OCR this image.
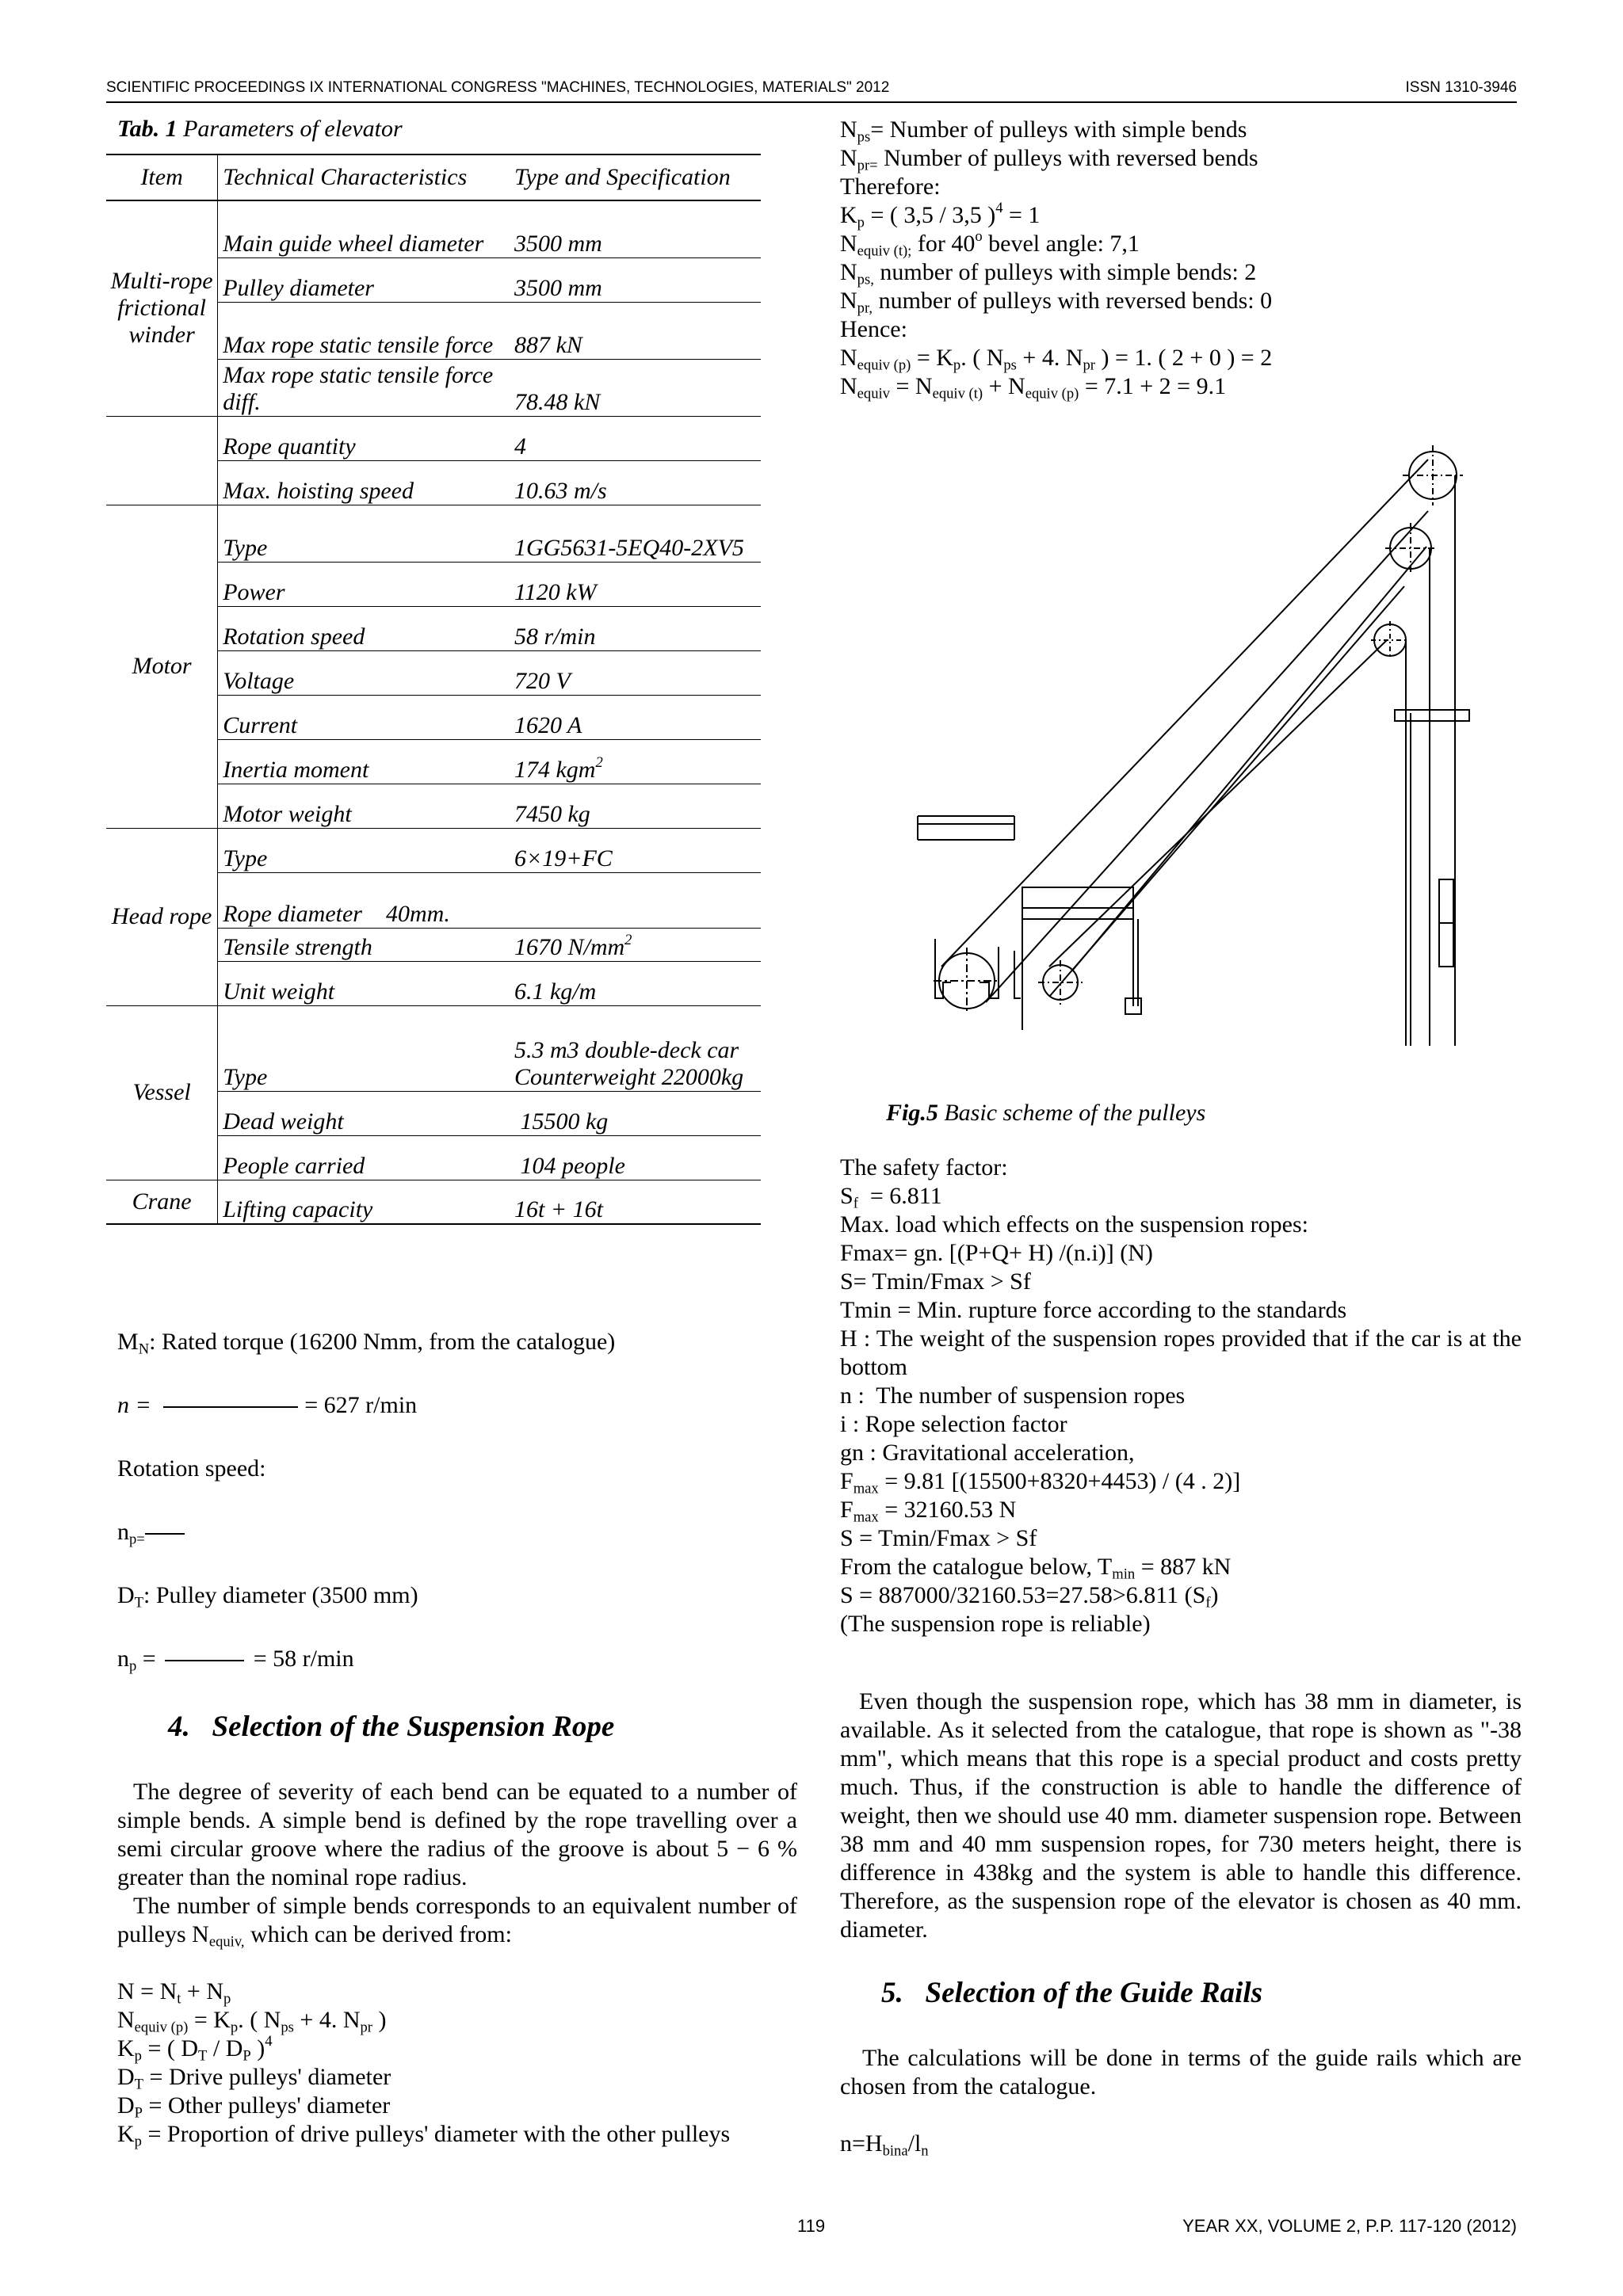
SCIENTIFIC PROCEEDINGS IX INTERNATIONAL CONGRESS "MACHINES, TECHNOLOGIES, MATERIALS" 2012	ISSN 1310-3946
Tab. 1 Parameters of elevator
Item	Technical Characteristics	Type and Specification
Multi-rope frictional winder	Main guide wheel diameter	3500 mm
	Pulley diameter	3500 mm
	Max rope static tensile force	887 kN
	Max rope static tensile force diff.	78.48 kN
	Rope quantity	4
	Max. hoisting speed	10.63 m/s
Motor	Type	1GG5631-5EQ40-2XV5
	Power	1120 kW
	Rotation speed	58 r/min
	Voltage	720 V
	Current	1620 A
	Inertia moment	174 kgm$^2$
	Motor weight	7450 kg
Head rope	Type	6×19+FC
	Rope diameter    40mm.	
	Tensile strength	1670 $N/mm^2$
	Unit weight	6.1 kg/m
Vessel	Type	5.3 m3 double-deck car Counterweight 22000kg
	Dead weight	15500 kg
	People carried	104 people
Crane	Lifting capacity	16t + 16t
$M_N$: Rated torque (16200 Nmm, from the catalogue)
n =	= 627 r/min
Rotation speed:
$n_{p=}$
$D_T$: Pulley diameter (3500 mm)
$n_p$ =	= 58 r/min
4. Selection of the Suspension Rope
The degree of severity of each bend can be equated to a number of simple bends. A simple bend is defined by the rope travelling over a semi circular groove where the radius of the groove is about 5 − 6 % greater than the nominal rope radius.
The number of simple bends corresponds to an equivalent number of pulleys $N_{equiv,}$ which can be derived from:
$N = N_t + N_p$
$N_{equiv (p)} = K_p$. ( $N_{ps} + 4$. $N_{pr}$ )
$K_p$ = ( $D_T / D_P$ )$^4$
$D_T$ = Drive pulleys' diameter
$D_P$ = Other pulleys' diameter
$K_p$ = Proportion of drive pulleys' diameter with the other pulleys
$N_{ps}=$ Number of pulleys with simple bends
$N_{pr=}$ Number of pulleys with reversed bends
Therefore:
$K_p$ = ( 3,5 / 3,5 )$^4$ = 1
$N_{equiv (t);}$ for 40$^o$ bevel angle: 7,1
$N_{ps,}$ number of pulleys with simple bends: 2
$N_{pr,}$ number of pulleys with reversed bends: 0
Hence:
$N_{equiv (p)} = K_p$. ( $N_{ps} + 4$. $N_{pr}$ ) = 1. ( 2 + 0 ) = 2
$N_{equiv} = N_{equiv (t)} + N_{equiv (p)} = 7.1 + 2 = 9.1$
Fig.5 Basic scheme of the pulleys
The safety factor:
$S_f = 6.811$
Max. load which effects on the suspension ropes:
Fmax= gn. [(P+Q+ H) /(n.i)] (N)
S= Tmin/Fmax > Sf
Tmin = Min. rupture force according to the standards
H : The weight of the suspension ropes provided that if the car is at the bottom
n :  The number of suspension ropes
i : Rope selection factor
gn : Gravitational acceleration,
$F_{max} = 9.81$ [(15500+8320+4453) / (4 . 2)]
$F_{max} = 32160.53$ N
S = Tmin/Fmax > Sf
From the catalogue below, $T_{min} = 887$ kN
S = 887000/32160.53=27.58>6.811 $(S_f)$
(The suspension rope is reliable)
Even though the suspension rope, which has 38 mm in diameter, is available. As it selected from the catalogue, that rope is shown as "-38 mm", which means that this rope is a special product and costs pretty much. Thus, if the construction is able to handle the difference of weight, then we should use 40 mm. diameter suspension rope. Between 38 mm and 40 mm suspension ropes, for 730 meters height, there is difference in 438kg and the system is able to handle this difference. Therefore, as the suspension rope of the elevator is chosen as 40 mm. diameter.
5. Selection of the Guide Rails
The calculations will be done in terms of the guide rails which are chosen from the catalogue.
$n=H_{bina}/l_n$
119	YEAR XX, VOLUME 2, P.P. 117-120 (2012)
